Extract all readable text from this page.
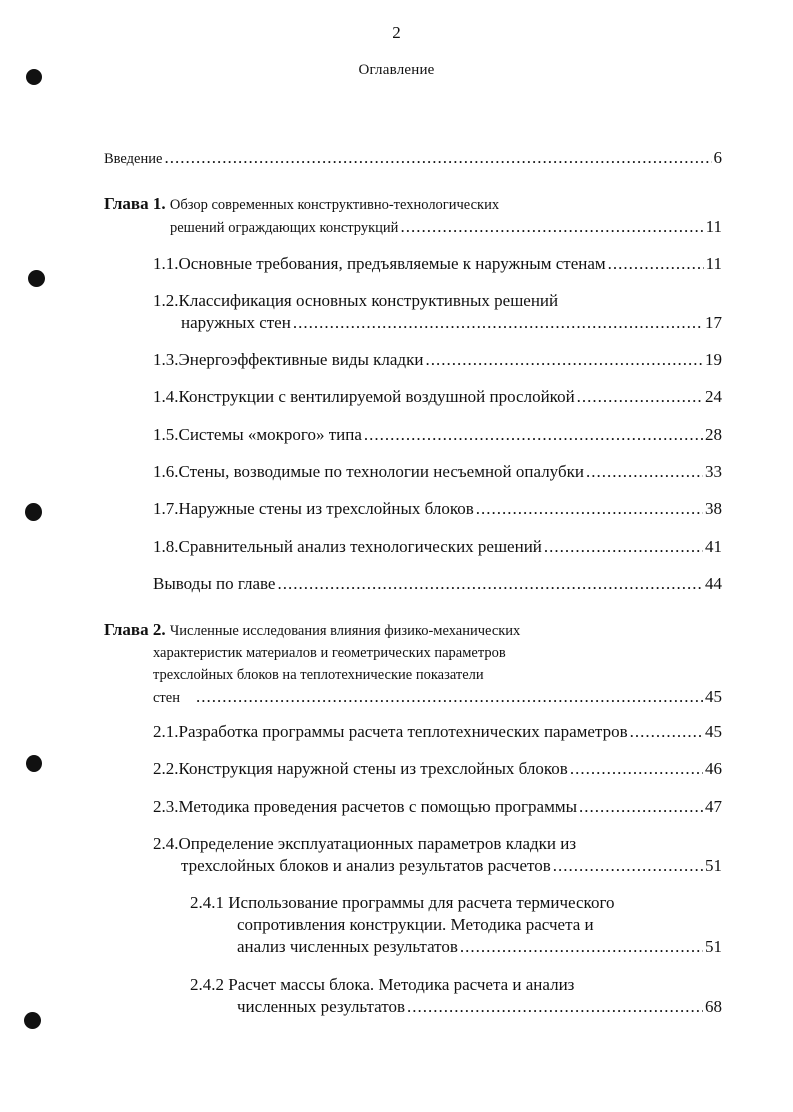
2
Оглавление
Введение .....	6
Глава 1. Обзор современных конструктивно-технологических
решений ограждающих конструкций .....	11
1.1.Основные требования, предъявляемые к наружным стенам .....	11
1.2.Классификация основных конструктивных решений
наружных стен .....	17
1.3.Энергоэффективные виды кладки .....	19
1.4.Конструкции с вентилируемой воздушной прослойкой .....	24
1.5.Системы «мокрого» типа .....	28
1.6.Стены, возводимые по технологии несъемной опалубки .....	33
1.7.Наружные стены из трехслойных блоков .....	38
1.8.Сравнительный анализ технологических решений .....	41
Выводы по главе .....	44
Глава 2. Численные исследования влияния физико-механических
характеристик материалов и геометрических параметров
трехслойных блоков на теплотехнические показатели
стен .....	45
2.1.Разработка программы расчета теплотехнических параметров .....	45
2.2.Конструкция наружной стены из трехслойных блоков .....	46
2.3.Методика проведения расчетов с помощью программы .....	47
2.4.Определение эксплуатационных параметров кладки из
трехслойных блоков и анализ результатов расчетов .....	51
2.4.1 Использование программы для расчета термического
сопротивления конструкции. Методика расчета и
анализ численных результатов .....	51
2.4.2 Расчет массы блока. Методика расчета и анализ
численных результатов .....	68
